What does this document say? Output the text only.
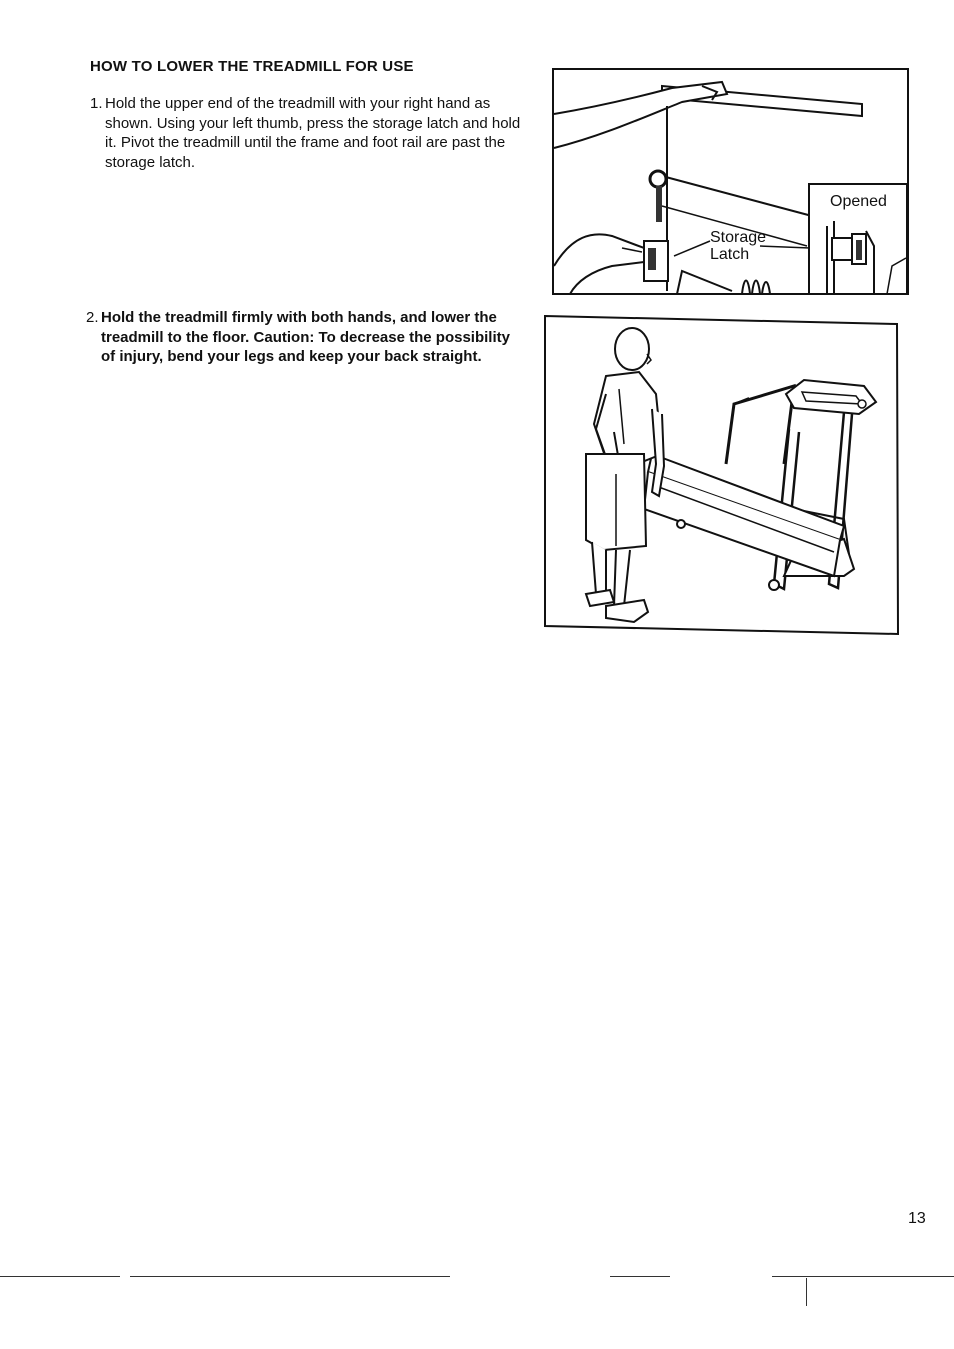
HOW TO LOWER THE TREADMILL FOR USE
1. Hold the upper end of the treadmill with your right hand as shown. Using your left thumb, press the storage latch and hold it. Pivot the treadmill until the frame and foot rail are past the storage latch.
2. Hold the treadmill firmly with both hands, and lower the treadmill to the floor. Caution: To decrease the possibility of injury, bend your legs and keep your back straight.
Storage
Latch
Opened
13
